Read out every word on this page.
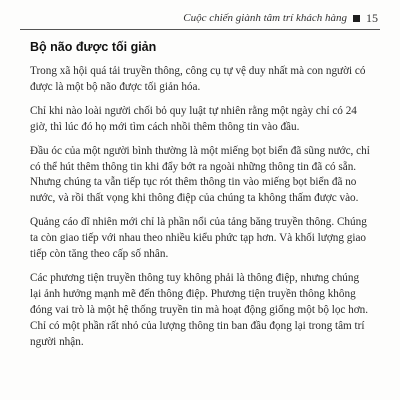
Cuộc chiến giành tâm trí khách hàng 15
Bộ não được tối giản

Trong xã hội quá tải truyền thông, công cụ tự vệ duy nhất mà con người có được là một bộ não được tối giản hóa.

Chỉ khi nào loài người chối bỏ quy luật tự nhiên rằng một ngày chỉ có 24 giờ, thì lúc đó họ mới tìm cách nhồi thêm thông tin vào đầu.

Đầu óc của một người bình thường là một miếng bọt biển đã sũng nước, chỉ có thể hút thêm thông tin khi đẩy bớt ra ngoài những thông tin đã có sẵn. Nhưng chúng ta vẫn tiếp tục rót thêm thông tin vào miếng bọt biển đã no nước, và rồi thất vọng khi thông điệp của chúng ta không thấm được vào.

Quảng cáo dĩ nhiên mới chỉ là phần nổi của tảng băng truyền thông. Chúng ta còn giao tiếp với nhau theo nhiều kiểu phức tạp hơn. Và khối lượng giao tiếp còn tăng theo cấp số nhân.

Các phương tiện truyền thông tuy không phải là thông điệp, nhưng chúng lại ảnh hưởng mạnh mẽ đến thông điệp. Phương tiện truyền thông không đóng vai trò là một hệ thống truyền tin mà hoạt động giống một bộ lọc hơn. Chỉ có một phần rất nhỏ của lượng thông tin ban đầu đọng lại trong tâm trí người nhận.
